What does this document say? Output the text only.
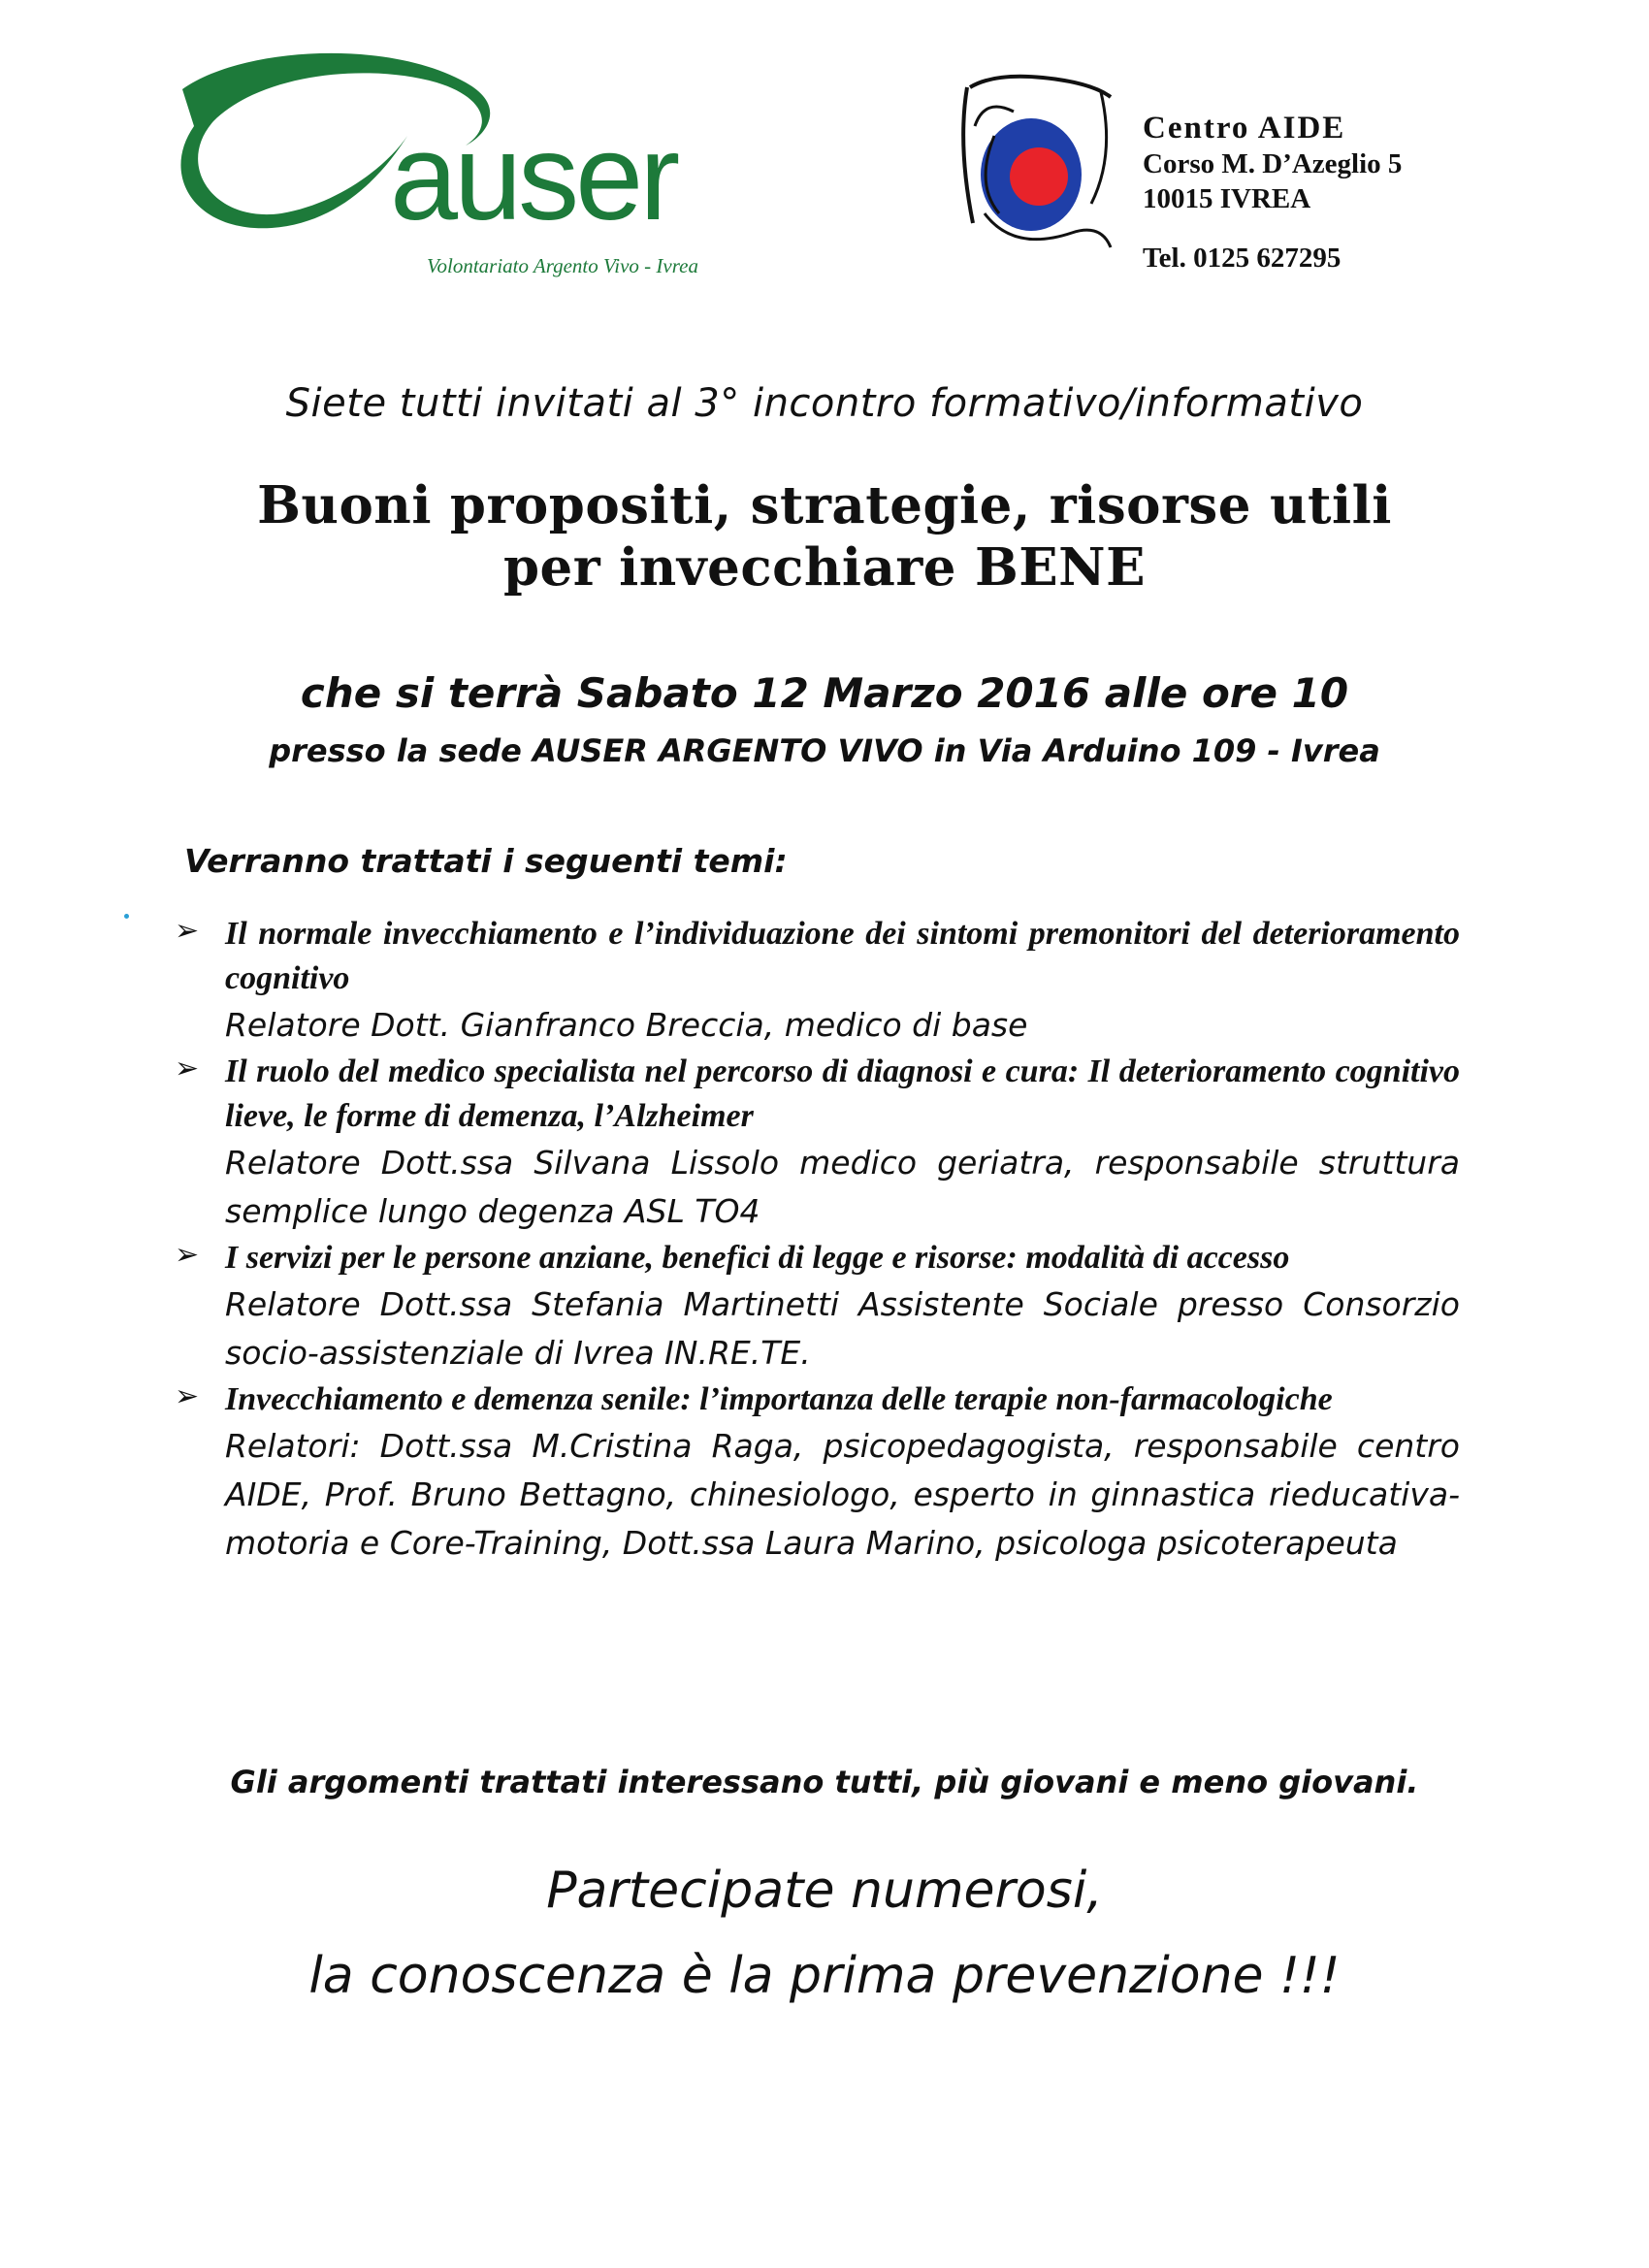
auser
Volontariato Argento Vivo - Ivrea
Centro AIDE
Corso M. D’Azeglio 5
10015 IVREA
Tel. 0125 627295
Siete tutti invitati al 3° incontro formativo/informativo
Buoni propositi, strategie, risorse utili
per invecchiare BENE
che si terrà Sabato 12 Marzo 2016 alle ore 10
presso la sede AUSER ARGENTO VIVO in Via Arduino 109 - Ivrea
Verranno trattati i seguenti temi:
➢ Il normale invecchiamento e l’individuazione dei sintomi premonitori del deterioramento cognitivo
Relatore Dott. Gianfranco Breccia, medico di base
➢ Il ruolo del medico specialista nel percorso di diagnosi e cura: Il deterioramento cognitivo lieve, le forme di demenza, l’Alzheimer
Relatore Dott.ssa Silvana Lissolo medico geriatra, responsabile struttura semplice lungo degenza ASL TO4
➢ I servizi per le persone anziane, benefici di legge e risorse: modalità di accesso
Relatore Dott.ssa Stefania Martinetti Assistente Sociale presso Consorzio socio-assistenziale di Ivrea IN.RE.TE.
➢ Invecchiamento e demenza senile: l’importanza delle terapie non-farmacologiche
Relatori: Dott.ssa M.Cristina Raga, psicopedagogista, responsabile centro AIDE, Prof. Bruno Bettagno, chinesiologo, esperto in ginnastica rieducativa- motoria e Core-Training, Dott.ssa Laura Marino, psicologa psicoterapeuta
Gli argomenti trattati interessano tutti, più giovani e meno giovani.
Partecipate numerosi,
la conoscenza è la prima prevenzione !!!
